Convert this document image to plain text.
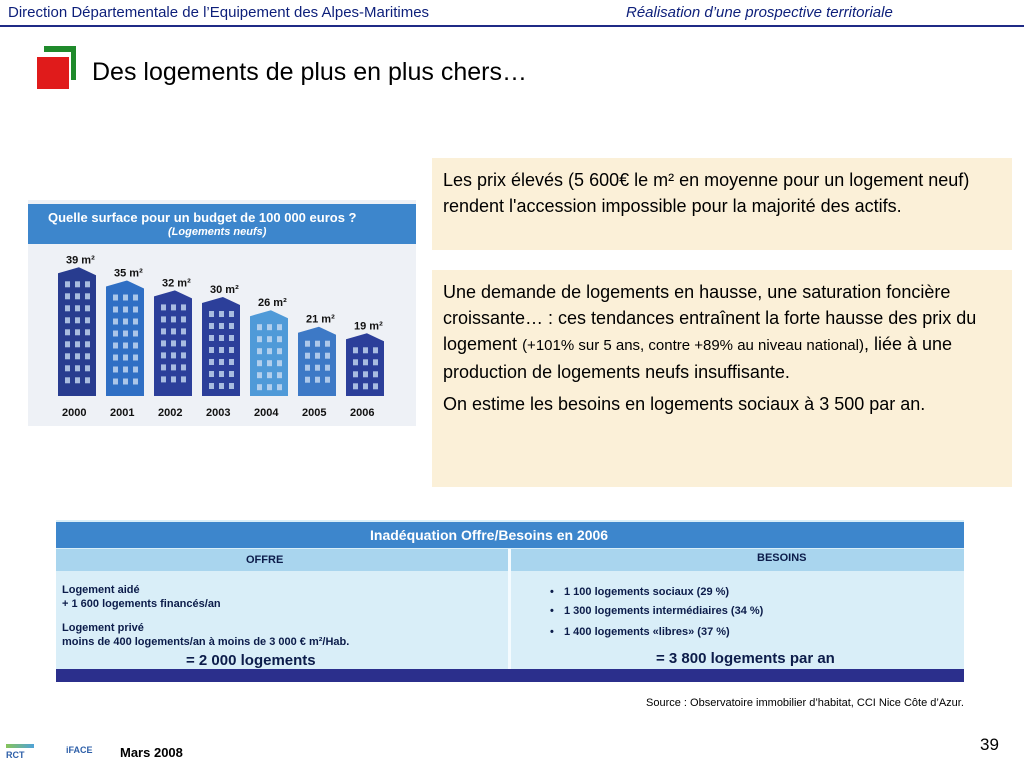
Direction Départementale de l’Equipement des Alpes-Maritimes	Réalisation d’une prospective territoriale
Des logements de plus en plus chers…
Quelle surface pour un budget de 100 000 euros ?
(Logements neufs)
39 m²
2000
35 m²
2001
32 m²
2002
30 m²
2003
26 m²
2004
21 m²
2005
19 m²
2006

Les prix élevés (5 600€ le m² en moyenne pour un logement neuf) rendent l'accession impossible pour la majorité des actifs.

Une demande de logements en hausse, une saturation foncière croissante… : ces tendances entraînent la forte hausse des prix du logement (+101% sur 5 ans, contre +89% au niveau national), liée à une production de logements neufs insuffisante.

On estime les besoins en logements sociaux à 3 500 par an.

Inadéquation Offre/Besoins en 2006
OFFRE	BESOINS
Logement aidé
+ 1 600 logements financés/an
Logement privé
moins de 400 logements/an à moins de 3 000 € m²/Hab.
= 2 000 logements
• 1 100 logements sociaux (29 %)
• 1 300 logements intermédiaires (34 %)
• 1 400 logements «libres» (37 %)
= 3 800 logements par an
Source : Observatoire immobilier d’habitat, CCI Nice Côte d’Azur.
RCT	iFACE Mars 2008	39
